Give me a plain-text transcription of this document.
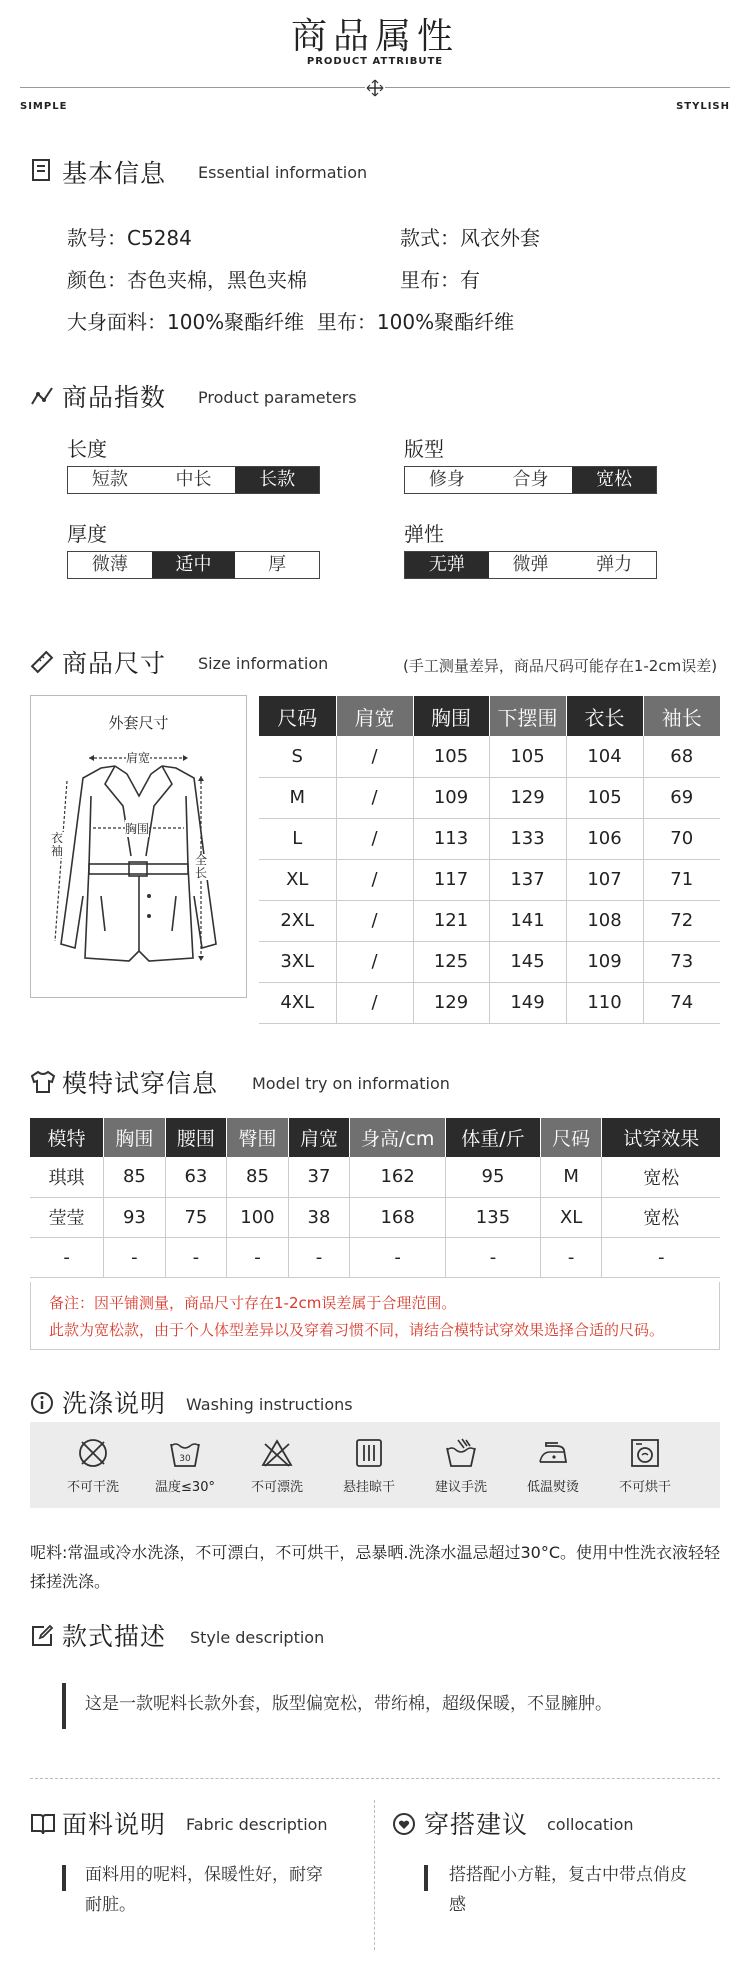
商品属性
PRODUCT ATTRIBUTE
SIMPLE	STYLISH
基本信息 Essential information
款号：C5284	款式：风衣外套
颜色：杏色夹棉，黑色夹棉	里布：有
大身面料：100%聚酯纤维  里布：100%聚酯纤维
商品指数 Product parameters
长度
短款	中长	长款
版型
修身	合身	宽松
厚度
微薄	适中	厚
弹性
无弹	微弹	弹力
商品尺寸 Size information	(手工测量差异，商品尺码可能存在1-2cm误差)
外套尺寸
肩宽
胸围
衣袖
全长
尺码	肩宽	胸围	下摆围	衣长	袖长
S	/	105	105	104	68
M	/	109	129	105	69
L	/	113	133	106	70
XL	/	117	137	107	71
2XL	/	121	141	108	72
3XL	/	125	145	109	73
4XL	/	129	149	110	74
模特试穿信息 Model try on information
模特	胸围	腰围	臀围	肩宽	身高/cm	体重/斤	尺码	试穿效果
琪琪	85	63	85	37	162	95	M	宽松
莹莹	93	75	100	38	168	135	XL	宽松
-	-	-	-	-	-	-	-	-
备注：因平铺测量，商品尺寸存在1-2cm误差属于合理范围。
此款为宽松款，由于个人体型差异以及穿着习惯不同，请结合模特试穿效果选择合适的尺码。
洗涤说明 Washing instructions
不可干洗
30
温度≤30°	不可漂洗	悬挂晾干	建议手洗	低温熨烫	不可烘干
呢料:常温或冷水洗涤，不可漂白，不可烘干，忌暴晒.洗涤水温忌超过30°C。使用中性洗衣液轻轻揉搓洗涤。
款式描述 Style description
这是一款呢料长款外套，版型偏宽松，带绗棉，超级保暖，不显臃肿。
面料说明 Fabric description
面料用的呢料，保暖性好，耐穿耐脏。
穿搭建议 collocation
搭搭配小方鞋，复古中带点俏皮感
